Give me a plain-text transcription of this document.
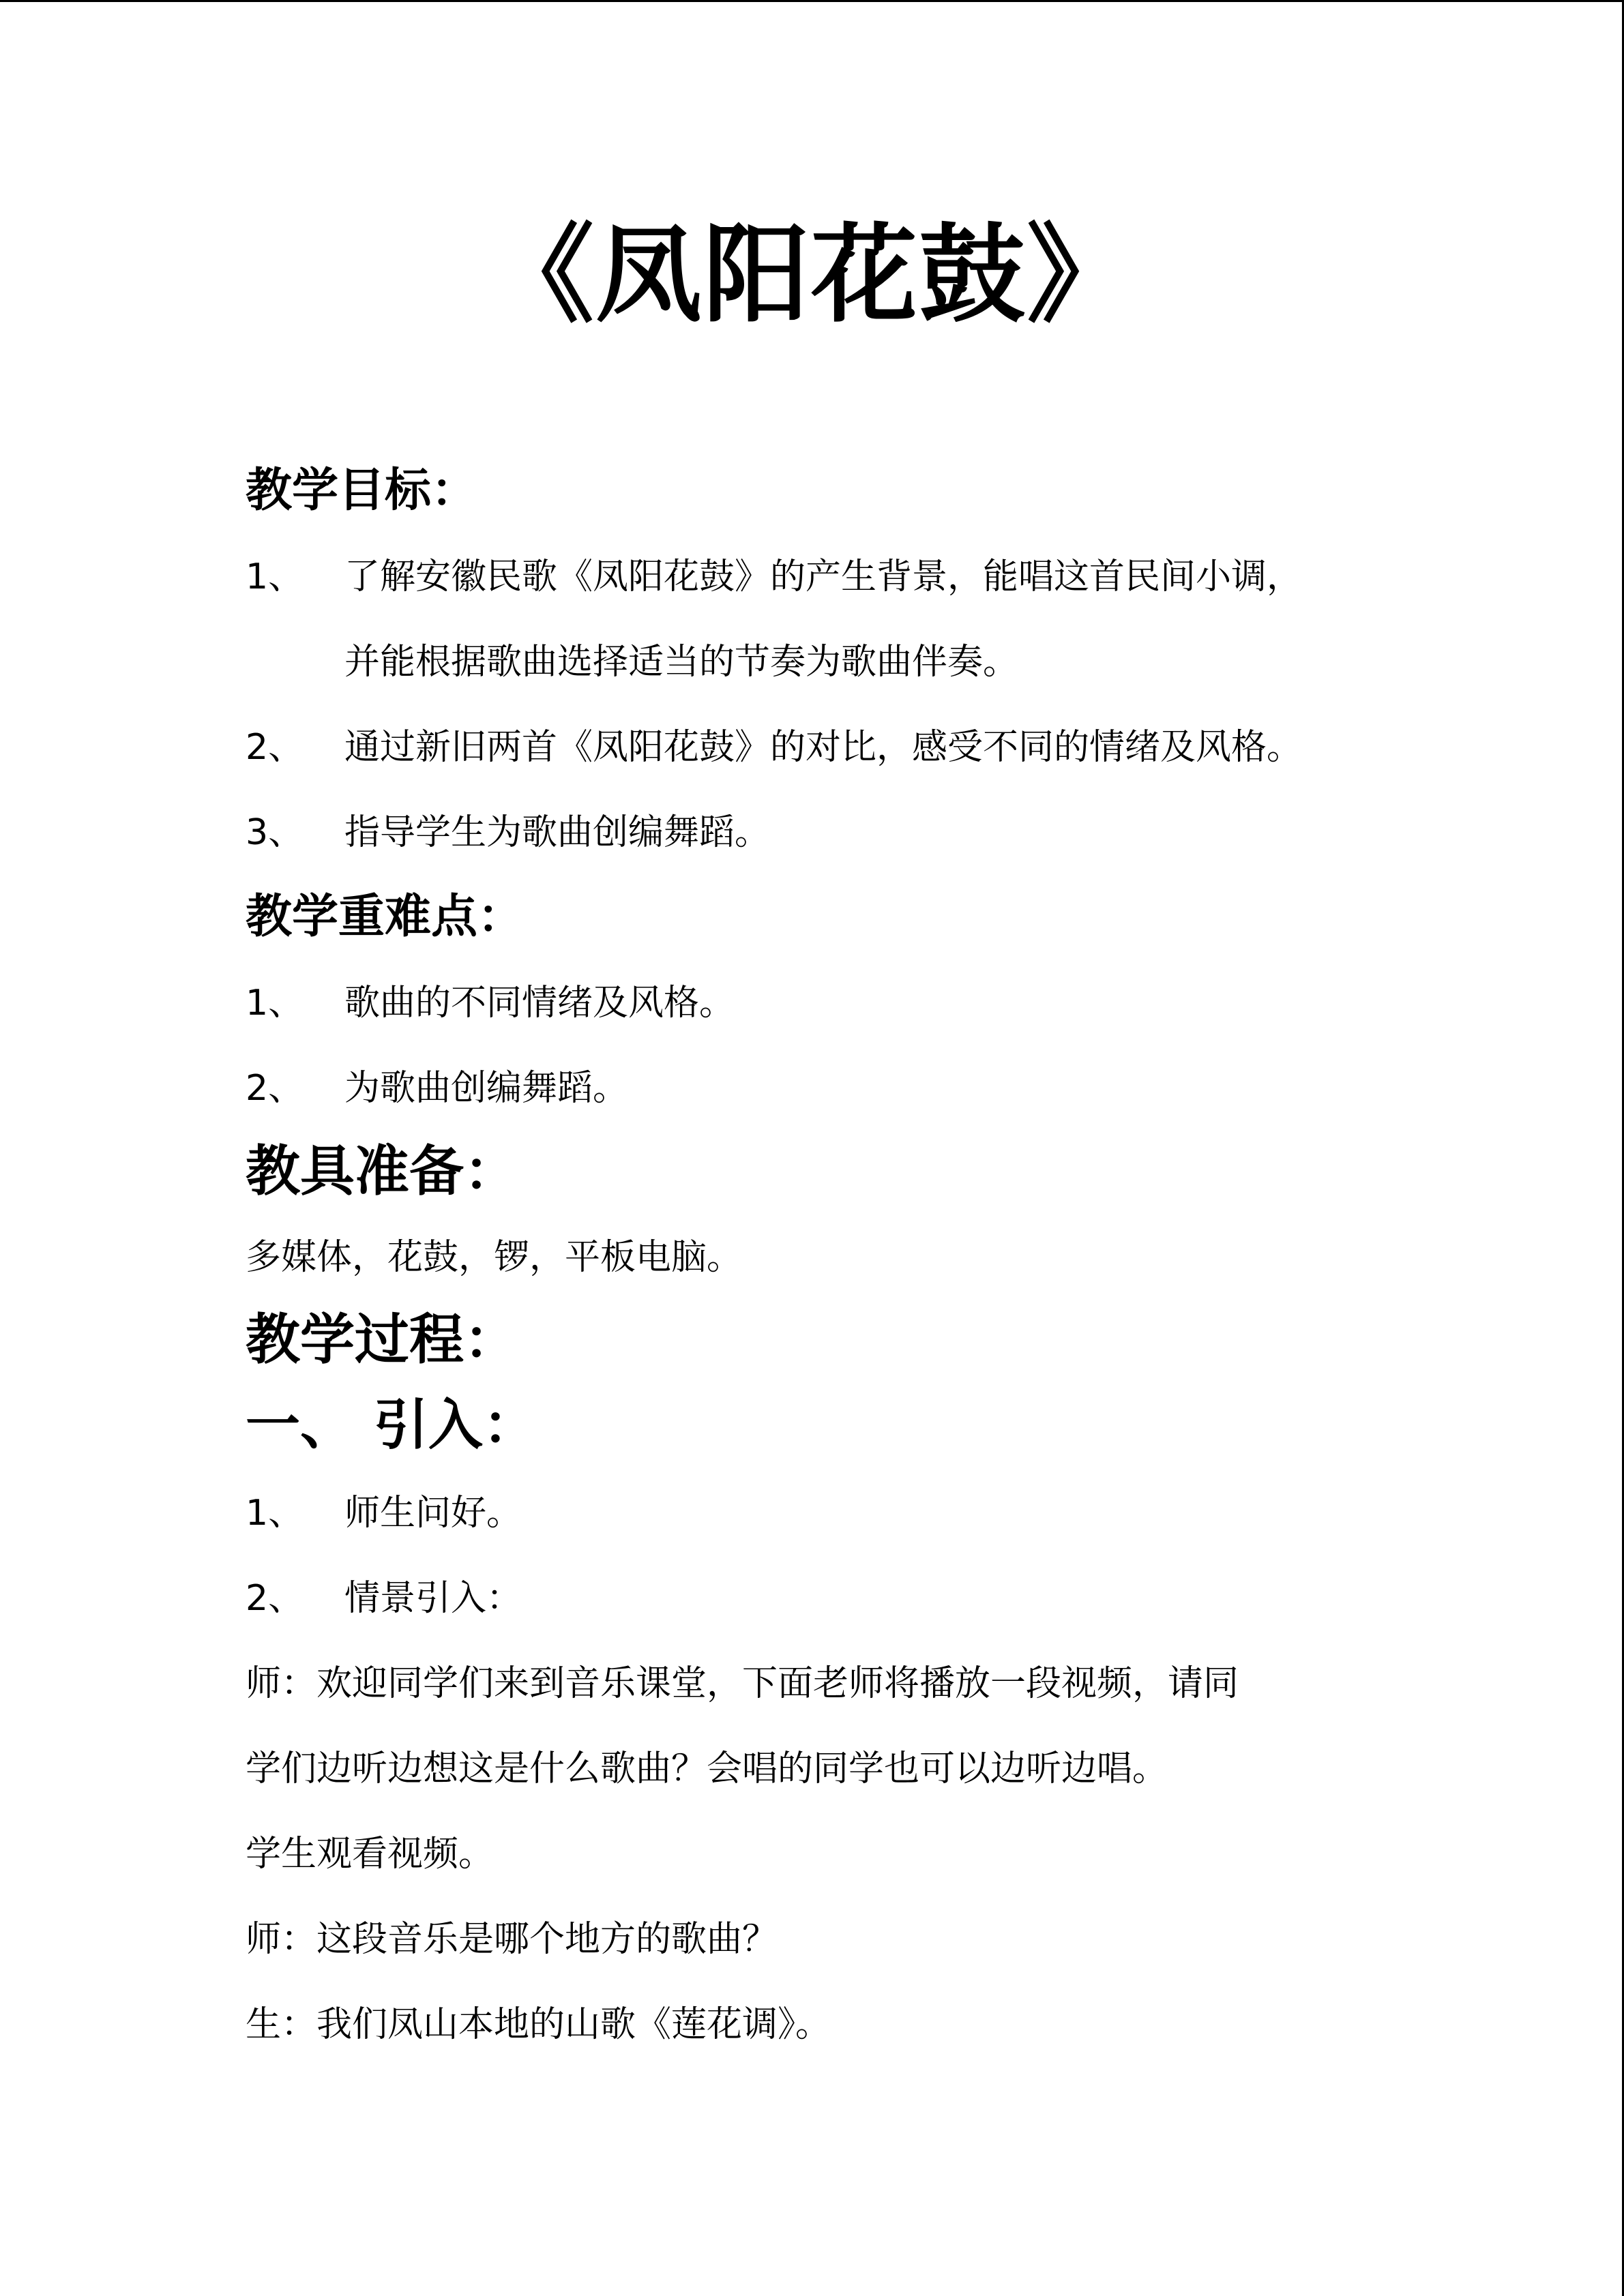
《凤阳花鼓》
教学目标：
1、 了解安徽民歌《凤阳花鼓》的产生背景，能唱这首民间小调，
并能根据歌曲选择适当的节奏为歌曲伴奏。
2、 通过新旧两首《凤阳花鼓》的对比，感受不同的情绪及风格。
3、 指导学生为歌曲创编舞蹈。
教学重难点：
1、 歌曲的不同情绪及风格。
2、 为歌曲创编舞蹈。
教具准备：
多媒体，花鼓，锣，平板电脑。
教学过程：
一、 引入：
1、 师生问好。
2、 情景引入：
师：欢迎同学们来到音乐课堂，下面老师将播放一段视频，请同
学们边听边想这是什么歌曲？会唱的同学也可以边听边唱。
学生观看视频。
师：这段音乐是哪个地方的歌曲？
生：我们凤山本地的山歌《莲花调》。
